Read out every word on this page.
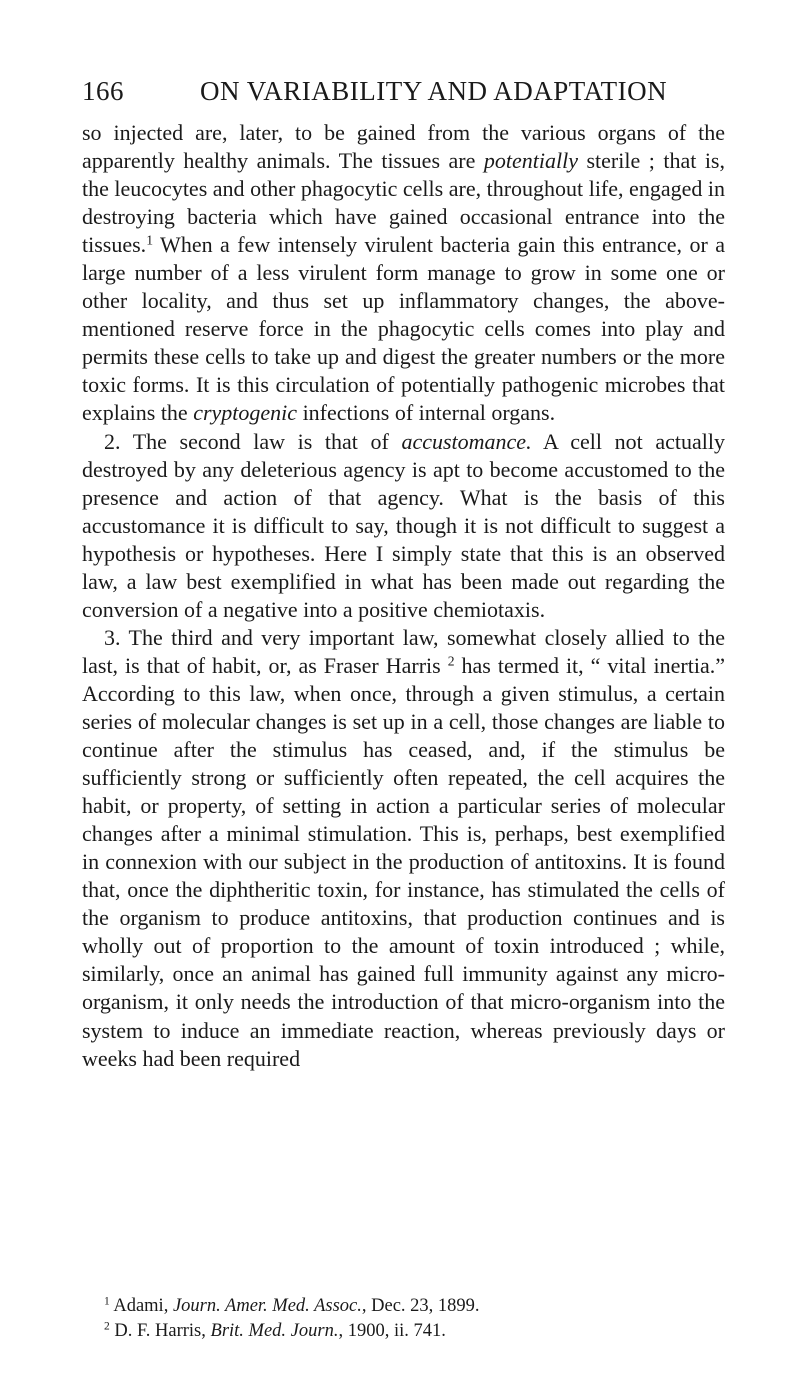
166	ON VARIABILITY AND ADAPTATION

so injected are, later, to be gained from the various organs of the apparently healthy animals. The tissues are potentially sterile ; that is, the leucocytes and other phagocytic cells are, throughout life, engaged in destroying bacteria which have gained occasional entrance into the tissues.$^1$ When a few intensely virulent bacteria gain this entrance, or a large number of a less virulent form manage to grow in some one or other locality, and thus set up inflammatory changes, the above-mentioned reserve force in the phagocytic cells comes into play and permits these cells to take up and digest the greater numbers or the more toxic forms. It is this circulation of potentially pathogenic microbes that explains the cryptogenic infections of internal organs.

2. The second law is that of accustomance. A cell not actually destroyed by any deleterious agency is apt to become accustomed to the presence and action of that agency. What is the basis of this accustomance it is difficult to say, though it is not difficult to suggest a hypothesis or hypotheses. Here I simply state that this is an observed law, a law best exemplified in what has been made out regarding the conversion of a negative into a positive chemiotaxis.

3. The third and very important law, somewhat closely allied to the last, is that of habit, or, as Fraser Harris $^2$ has termed it, “ vital inertia.” According to this law, when once, through a given stimulus, a certain series of molecular changes is set up in a cell, those changes are liable to continue after the stimulus has ceased, and, if the stimulus be sufficiently strong or sufficiently often repeated, the cell acquires the habit, or property, of setting in action a particular series of molecular changes after a minimal stimulation. This is, perhaps, best exemplified in connexion with our subject in the production of antitoxins. It is found that, once the diphtheritic toxin, for instance, has stimulated the cells of the organism to produce antitoxins, that production continues and is wholly out of proportion to the amount of toxin introduced ; while, similarly, once an animal has gained full immunity against any micro-organism, it only needs the introduction of that micro-organism into the system to induce an immediate reaction, whereas previously days or weeks had been required

$^1$ Adami, Journ. Amer. Med. Assoc., Dec. 23, 1899.
$^2$ D. F. Harris, Brit. Med. Journ., 1900, ii. 741.
